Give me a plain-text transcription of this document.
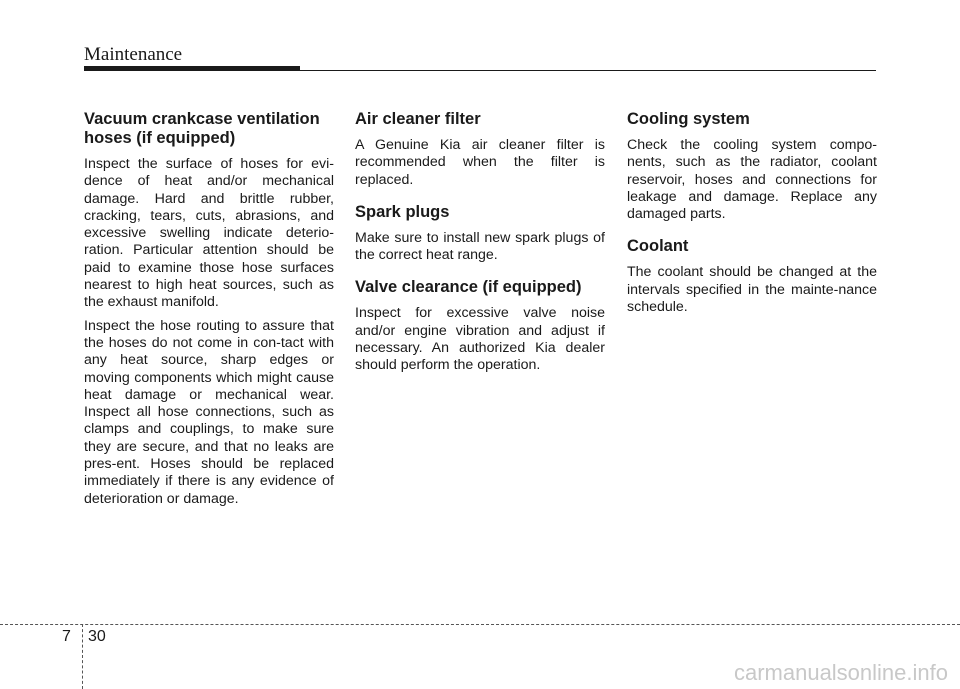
Maintenance
Vacuum crankcase ventilation hoses (if equipped)

Inspect the surface of hoses for evi-dence of heat and/or mechanical damage. Hard and brittle rubber, cracking, tears, cuts, abrasions, and excessive swelling indicate deterio-ration. Particular attention should be paid to examine those hose surfaces nearest to high heat sources, such as the exhaust manifold.

Inspect the hose routing to assure that the hoses do not come in con-tact with any heat source, sharp edges or moving components which might cause heat damage or mechanical wear. Inspect all hose connections, such as clamps and couplings, to make sure they are secure, and that no leaks are pres-ent. Hoses should be replaced immediately if there is any evidence of deterioration or damage.

Air cleaner filter

A Genuine Kia air cleaner filter is recommended when the filter is replaced.

Spark plugs

Make sure to install new spark plugs of the correct heat range.

Valve clearance (if equipped)

Inspect for excessive valve noise and/or engine vibration and adjust if necessary. An authorized Kia dealer should perform the operation.

Cooling system

Check the cooling system compo-nents, such as the radiator, coolant reservoir, hoses and connections for leakage and damage. Replace any damaged parts.

Coolant

The coolant should be changed at the intervals specified in the mainte-nance schedule.

7 30
carmanualsonline.info
